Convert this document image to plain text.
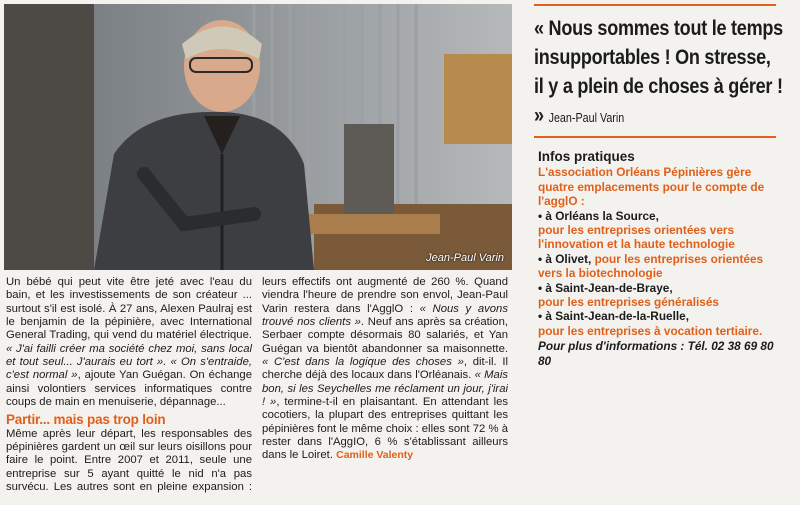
Jean-Paul Varin

Un bébé qui peut vite être jeté avec l'eau du bain, et les investissements de son créateur ... surtout s'il est isolé. À 27 ans, Alexen Paulraj est le benjamin de la pépinière, avec International General Trading, qui vend du matériel électrique. « J'ai failli créer ma société chez moi, sans local et tout seul... J'aurais eu tort ». « On s'entraide, c'est normal », ajoute Yan Guégan. On échange ainsi volontiers services informatiques contre coups de main en menuiserie, dépannage...

Partir... mais pas trop loin

Même après leur départ, les responsables des pépinières gardent un œil sur leurs oisillons pour faire le point. Entre 2007 et 2011, seule une entreprise sur 5 ayant quitté le nid n'a pas survécu. Les autres sont en pleine expansion : leurs effectifs ont augmenté de 260 %. Quand viendra l'heure de prendre son envol, Jean-Paul Varin restera dans l'AgglO : « Nous y avons trouvé nos clients ». Neuf ans après sa création, Serbaer compte désormais 80 salariés, et Yan Guégan va bientôt abandonner sa maisonnette. « C'est dans la logique des choses », dit-il. Il cherche déjà des locaux dans l'Orléanais. « Mais bon, si les Seychelles me réclament un jour, j'irai ! », termine-t-il en plaisantant. En attendant les cocotiers, la plupart des entreprises quittant les pépinières font le même choix : elles sont 72 % à rester dans l'AggIO, 6 % s'établissant ailleurs dans le Loiret. Camille Valenty

« Nous sommes tout le temps insupportables ! On stresse, il y a plein de choses à gérer ! » Jean-Paul Varin
Infos pratiques
L'association Orléans Pépinières gère quatre emplacements pour le compte de l'agglO :
• à Orléans la Source,
pour les entreprises orientées vers l'innovation et la haute technologie
• à Olivet, pour les entreprises orientées vers la biotechnologie
• à Saint-Jean-de-Braye,
pour les entreprises généralisés
• à Saint-Jean-de-la-Ruelle,
pour les entreprises à vocation tertiaire.
Pour plus d'informations : Tél. 02 38 69 80 80
